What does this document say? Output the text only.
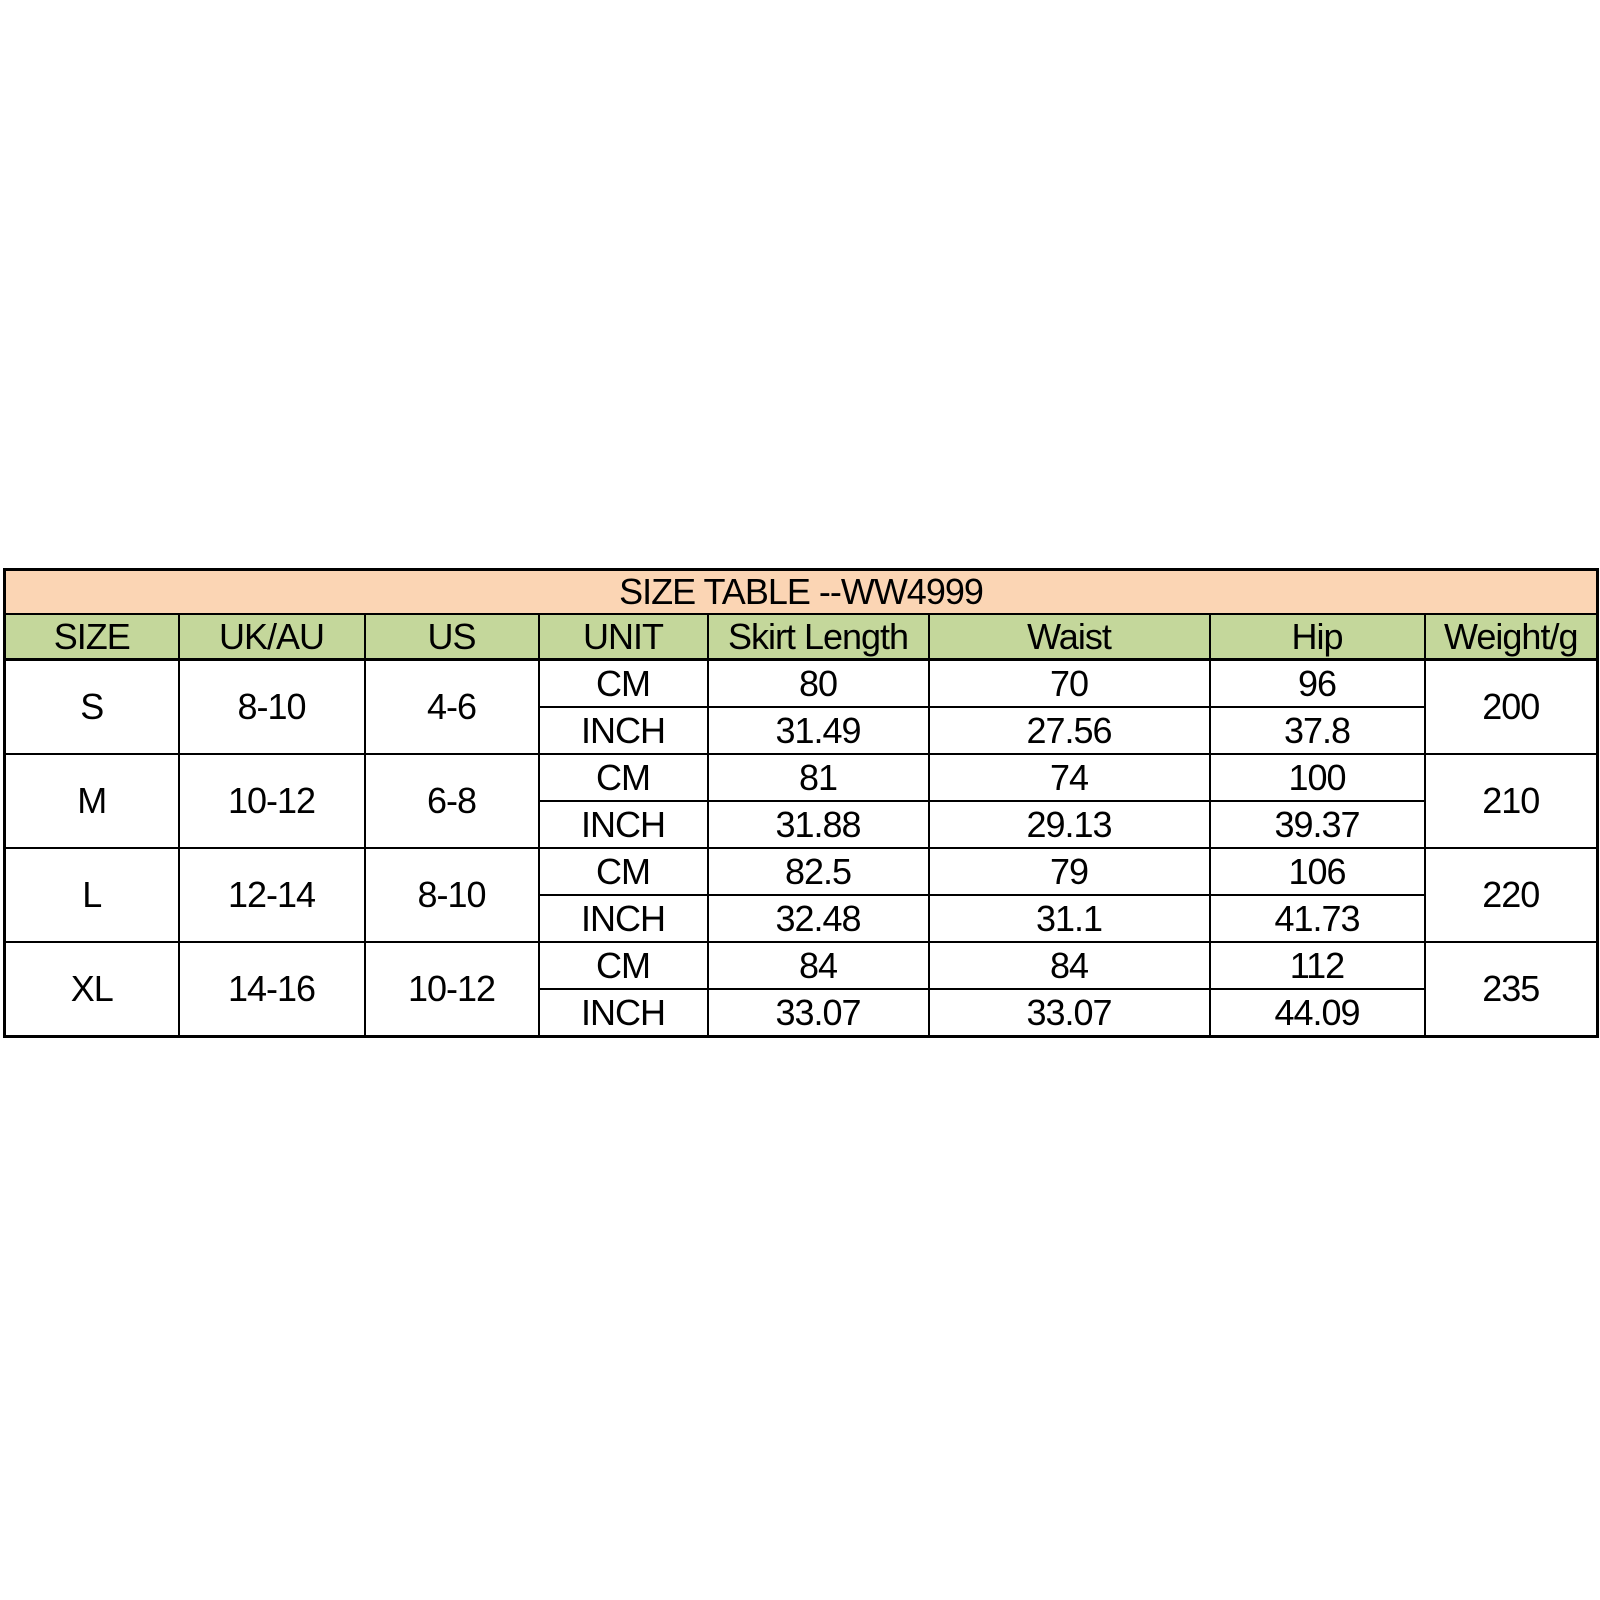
SIZE TABLE --WW4999							
SIZE	UK/AU	US	UNIT	Skirt Length	Waist	Hip	Weight/g
S	8-10	4-6	CM	80	70	96	200
			INCH	31.49	27.56	37.8	
M	10-12	6-8	CM	81	74	100	210
			INCH	31.88	29.13	39.37	
L	12-14	8-10	CM	82.5	79	106	220
			INCH	32.48	31.1	41.73	
XL	14-16	10-12	CM	84	84	112	235
			INCH	33.07	33.07	44.09	
